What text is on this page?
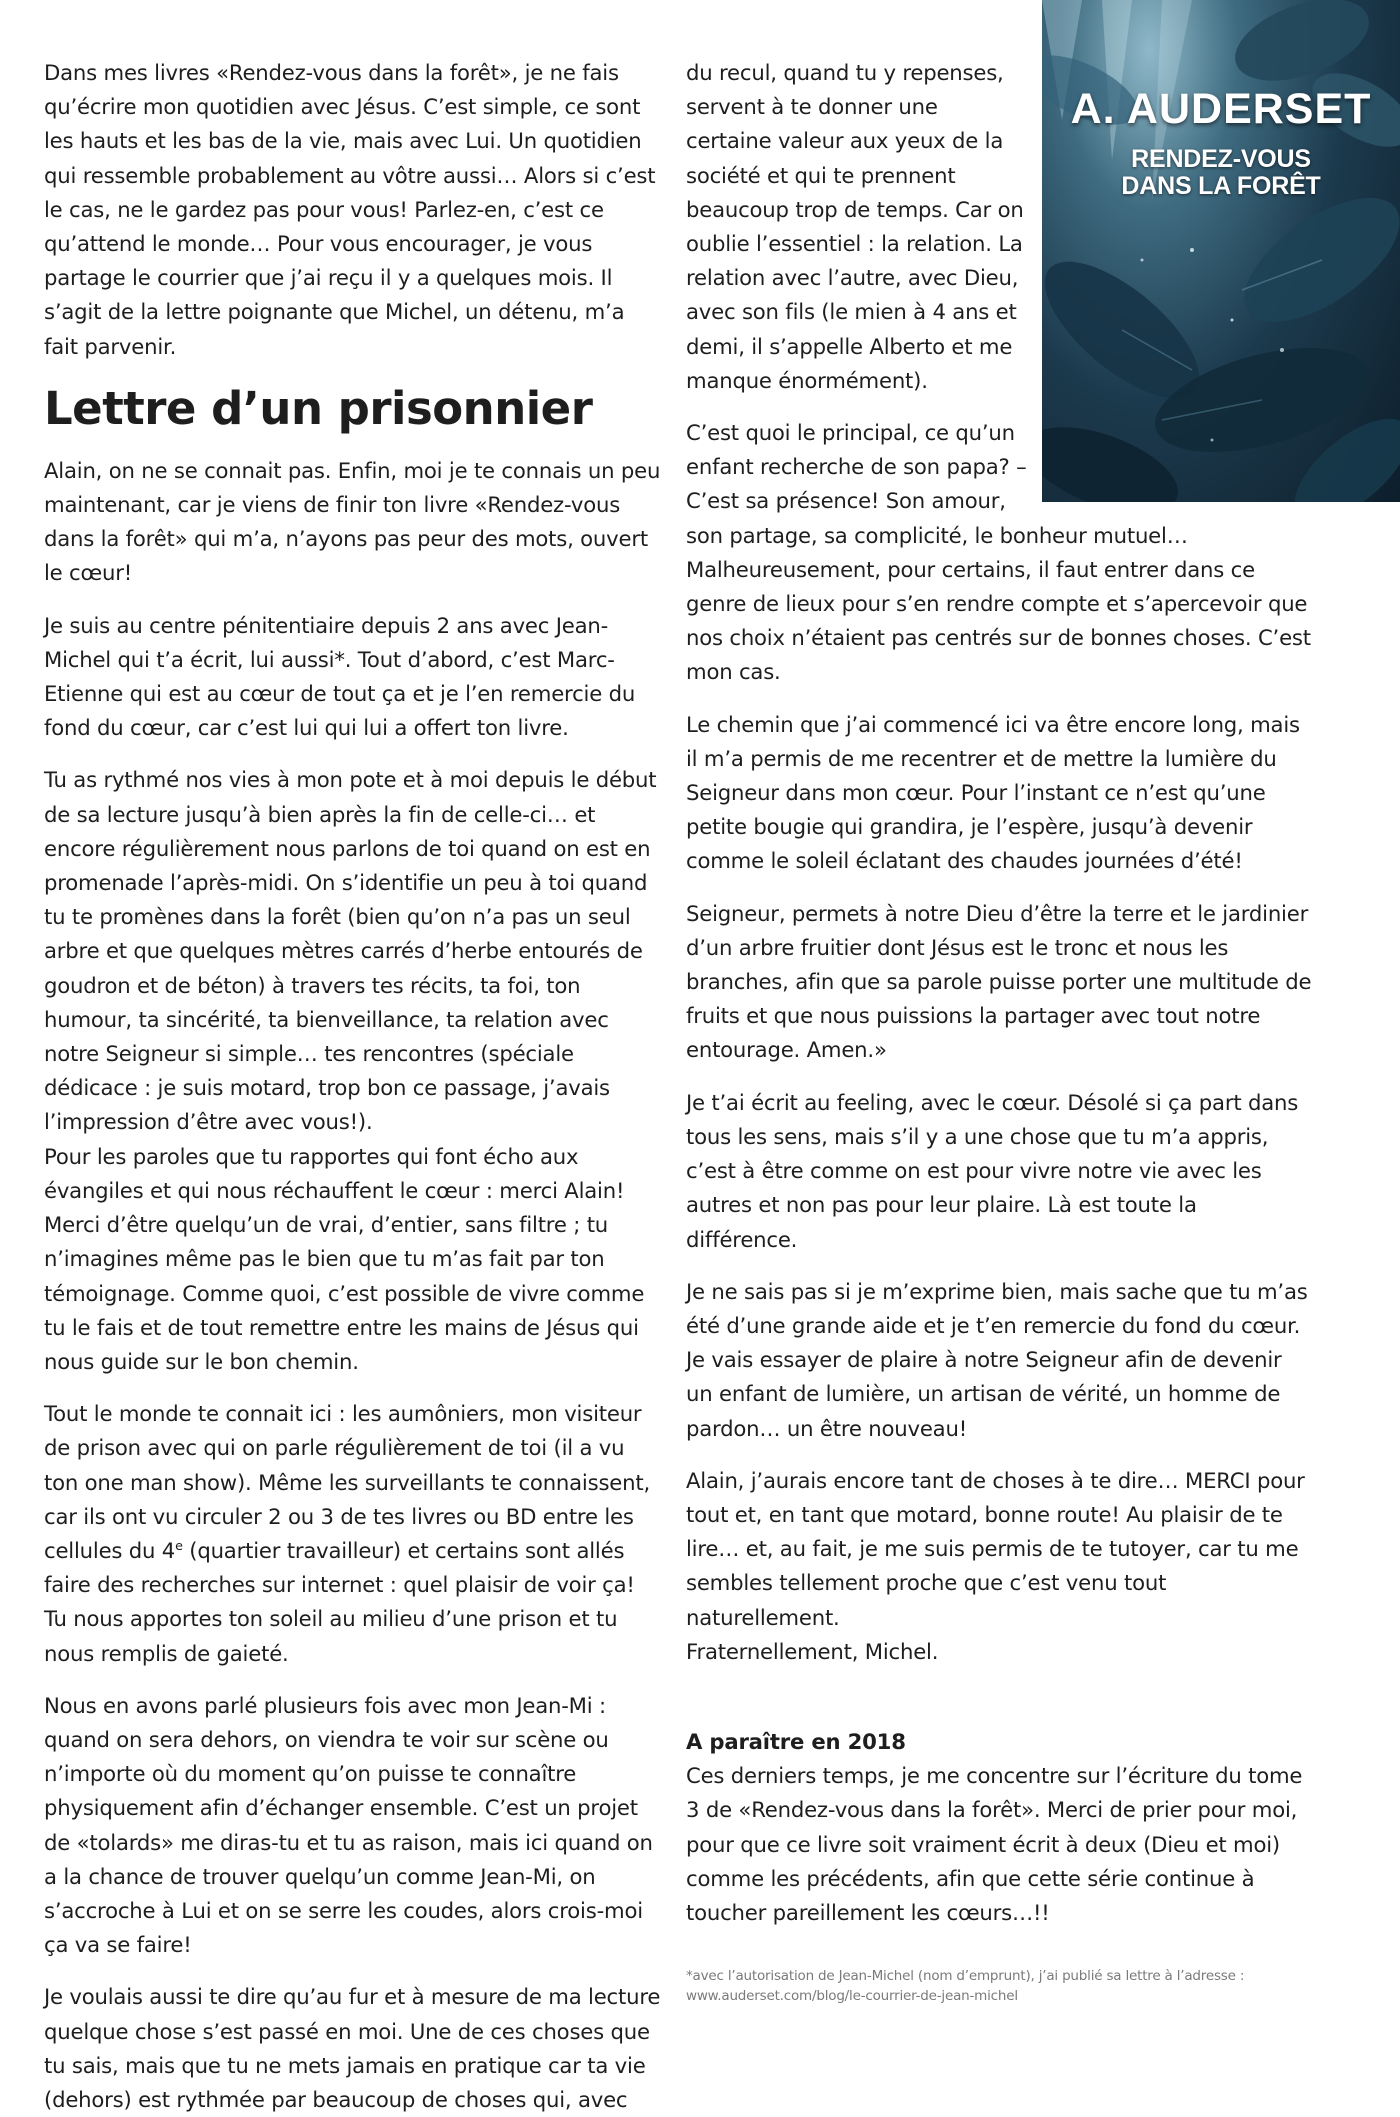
Dans mes livres «Rendez-vous dans la forêt», je ne fais qu’écrire mon quotidien avec Jésus. C’est simple, ce sont les hauts et les bas de la vie, mais avec Lui. Un quotidien qui ressemble probablement au vôtre aussi… Alors si c’est le cas, ne le gardez pas pour vous! Parlez-en, c’est ce qu’attend le monde… Pour vous encourager, je vous partage le courrier que j’ai reçu il y a quelques mois. Il s’agit de la lettre poignante que Michel, un détenu, m’a fait parvenir.

Lettre d’un prisonnier

Alain, on ne se connait pas. Enfin, moi je te connais un peu maintenant, car je viens de finir ton livre «Rendez-vous dans la forêt» qui m’a, n’ayons pas peur des mots, ouvert le cœur!

Je suis au centre pénitentiaire depuis 2 ans avec Jean-Michel qui t’a écrit, lui aussi*. Tout d’abord, c’est Marc-Etienne qui est au cœur de tout ça et je l’en remercie du fond du cœur, car c’est lui qui lui a offert ton livre.

Tu as rythmé nos vies à mon pote et à moi depuis le début de sa lecture jusqu’à bien après la fin de celle-ci… et encore régulièrement nous parlons de toi quand on est en promenade l’après-midi. On s’identifie un peu à toi quand tu te promènes dans la forêt (bien qu’on n’a pas un seul arbre et que quelques mètres carrés d’herbe entourés de goudron et de béton) à travers tes récits, ta foi, ton humour, ta sincérité, ta bienveillance, ta relation avec notre Seigneur si simple… tes rencontres (spéciale dédicace : je suis motard, trop bon ce passage, j’avais l’impression d’être avec vous!).

Pour les paroles que tu rapportes qui font écho aux évangiles et qui nous réchauffent le cœur : merci Alain! Merci d’être quelqu’un de vrai, d’entier, sans filtre ; tu n’imagines même pas le bien que tu m’as fait par ton témoignage. Comme quoi, c’est possible de vivre comme tu le fais et de tout remettre entre les mains de Jésus qui nous guide sur le bon chemin.

Tout le monde te connait ici : les aumôniers, mon visiteur de prison avec qui on parle régulièrement de toi (il a vu ton one man show). Même les surveillants te connaissent, car ils ont vu circuler 2 ou 3 de tes livres ou BD entre les cellules du 4e (quartier travailleur) et certains sont allés faire des recherches sur internet : quel plaisir de voir ça!

Tu nous apportes ton soleil au milieu d’une prison et tu nous remplis de gaieté.

Nous en avons parlé plusieurs fois avec mon Jean-Mi : quand on sera dehors, on viendra te voir sur scène ou n’importe où du moment qu’on puisse te connaître physiquement afin d’échanger ensemble. C’est un projet de «tolards» me diras-tu et tu as raison, mais ici quand on a la chance de trouver quelqu’un comme Jean-Mi, on s’accroche à Lui et on se serre les coudes, alors crois-moi ça va se faire!

Je voulais aussi te dire qu’au fur et à mesure de ma lecture quelque chose s’est passé en moi. Une de ces choses que tu sais, mais que tu ne mets jamais en pratique car ta vie (dehors) est rythmée par beaucoup de choses qui, avec

A. AUDERSET
RENDEZ-VOUS
DANS LA FORÊT

du recul, quand tu y repenses, servent à te donner une certaine valeur aux yeux de la société et qui te prennent beaucoup trop de temps. Car on oublie l’essentiel : la relation. La relation avec l’autre, avec Dieu, avec son fils (le mien à 4 ans et demi, il s’appelle Alberto et me manque énormément).

C’est quoi le principal, ce qu’un enfant recherche de son papa? – C’est sa présence! Son amour, son partage, sa complicité, le bonheur mutuel… Malheureusement, pour certains, il faut entrer dans ce genre de lieux pour s’en rendre compte et s’apercevoir que nos choix n’étaient pas centrés sur de bonnes choses. C’est mon cas.

Le chemin que j’ai commencé ici va être encore long, mais il m’a permis de me recentrer et de mettre la lumière du Seigneur dans mon cœur. Pour l’instant ce n’est qu’une petite bougie qui grandira, je l’espère, jusqu’à devenir comme le soleil éclatant des chaudes journées d’été!

Seigneur, permets à notre Dieu d’être la terre et le jardinier d’un arbre fruitier dont Jésus est le tronc et nous les branches, afin que sa parole puisse porter une multitude de fruits et que nous puissions la partager avec tout notre entourage. Amen.»

Je t’ai écrit au feeling, avec le cœur. Désolé si ça part dans tous les sens, mais s’il y a une chose que tu m’a appris, c’est à être comme on est pour vivre notre vie avec les autres et non pas pour leur plaire. Là est toute la différence.

Je ne sais pas si je m’exprime bien, mais sache que tu m’as été d’une grande aide et je t’en remercie du fond du cœur. Je vais essayer de plaire à notre Seigneur afin de devenir un enfant de lumière, un artisan de vérité, un homme de pardon… un être nouveau!

Alain, j’aurais encore tant de choses à te dire… MERCI pour tout et, en tant que motard, bonne route! Au plaisir de te lire… et, au fait, je me suis permis de te tutoyer, car tu me sembles tellement proche que c’est venu tout naturellement.

Fraternellement, Michel.

A paraître en 2018

Ces derniers temps, je me concentre sur l’écriture du tome 3 de «Rendez-vous dans la forêt». Merci de prier pour moi, pour que ce livre soit vraiment écrit à deux (Dieu et moi) comme les précédents, afin que cette série continue à toucher pareillement les cœurs…!!

*avec l’autorisation de Jean-Michel (nom d’emprunt), j’ai publié sa lettre à l’adresse :
www.auderset.com/blog/le-courrier-de-jean-michel
